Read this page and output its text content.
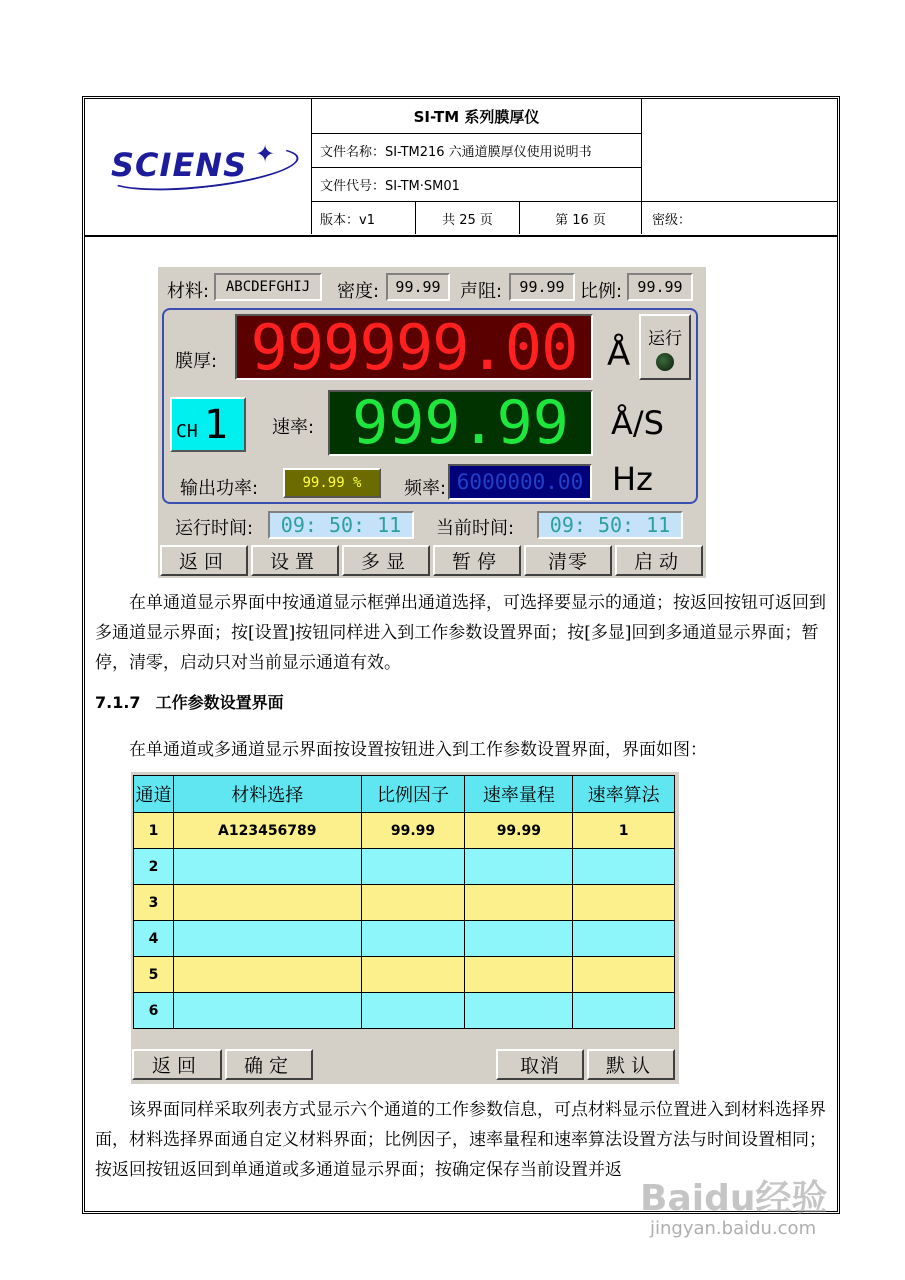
SI-TM 系列膜厚仪
文件名称：SI-TM216 六通道膜厚仪使用说明书
文件代号：SI-TM·SM01
版本：v1	共 25 页	第 16 页	密级：
SCIENS ✦
材料:	ABCDEFGHIJ	密度:	99.99	声阻:	99.99 比例:	99.99
膜厚: 999999.00 Å 运行
CH 1 速率: 999.99	Å/S
输出功率:	99.99 %	频率: 6000000.00 Hz
运行时间:	09: 50: 11	当前时间:	09: 50: 11
返回	设置	多显	暂停	清零	启动
在单通道显示界面中按通道显示框弹出通道选择，可选择要显示的通道；按返回按钮可返回到多通道显示界面；按[设置]按钮同样进入到工作参数设置界面；按[多显]回到多通道显示界面；暂停，清零，启动只对当前显示通道有效。
7.1.7 工作参数设置界面
在单通道或多通道显示界面按设置按钮进入到工作参数设置界面，界面如图：
通道	材料选择	比例因子	速率量程	速率算法
1	A123456789	99.99	99.99	1
2				
3				
4				
5				
6				
返回	确定	取消	默认
该界面同样采取列表方式显示六个通道的工作参数信息，可点材料显示位置进入到材料选择界面，材料选择界面通自定义材料界面；比例因子，速率量程和速率算法设置方法与时间设置相同；按返回按钮返回到单通道或多通道显示界面；按确定保存当前设置并返
Baidu经验
jingyan.baidu.com
